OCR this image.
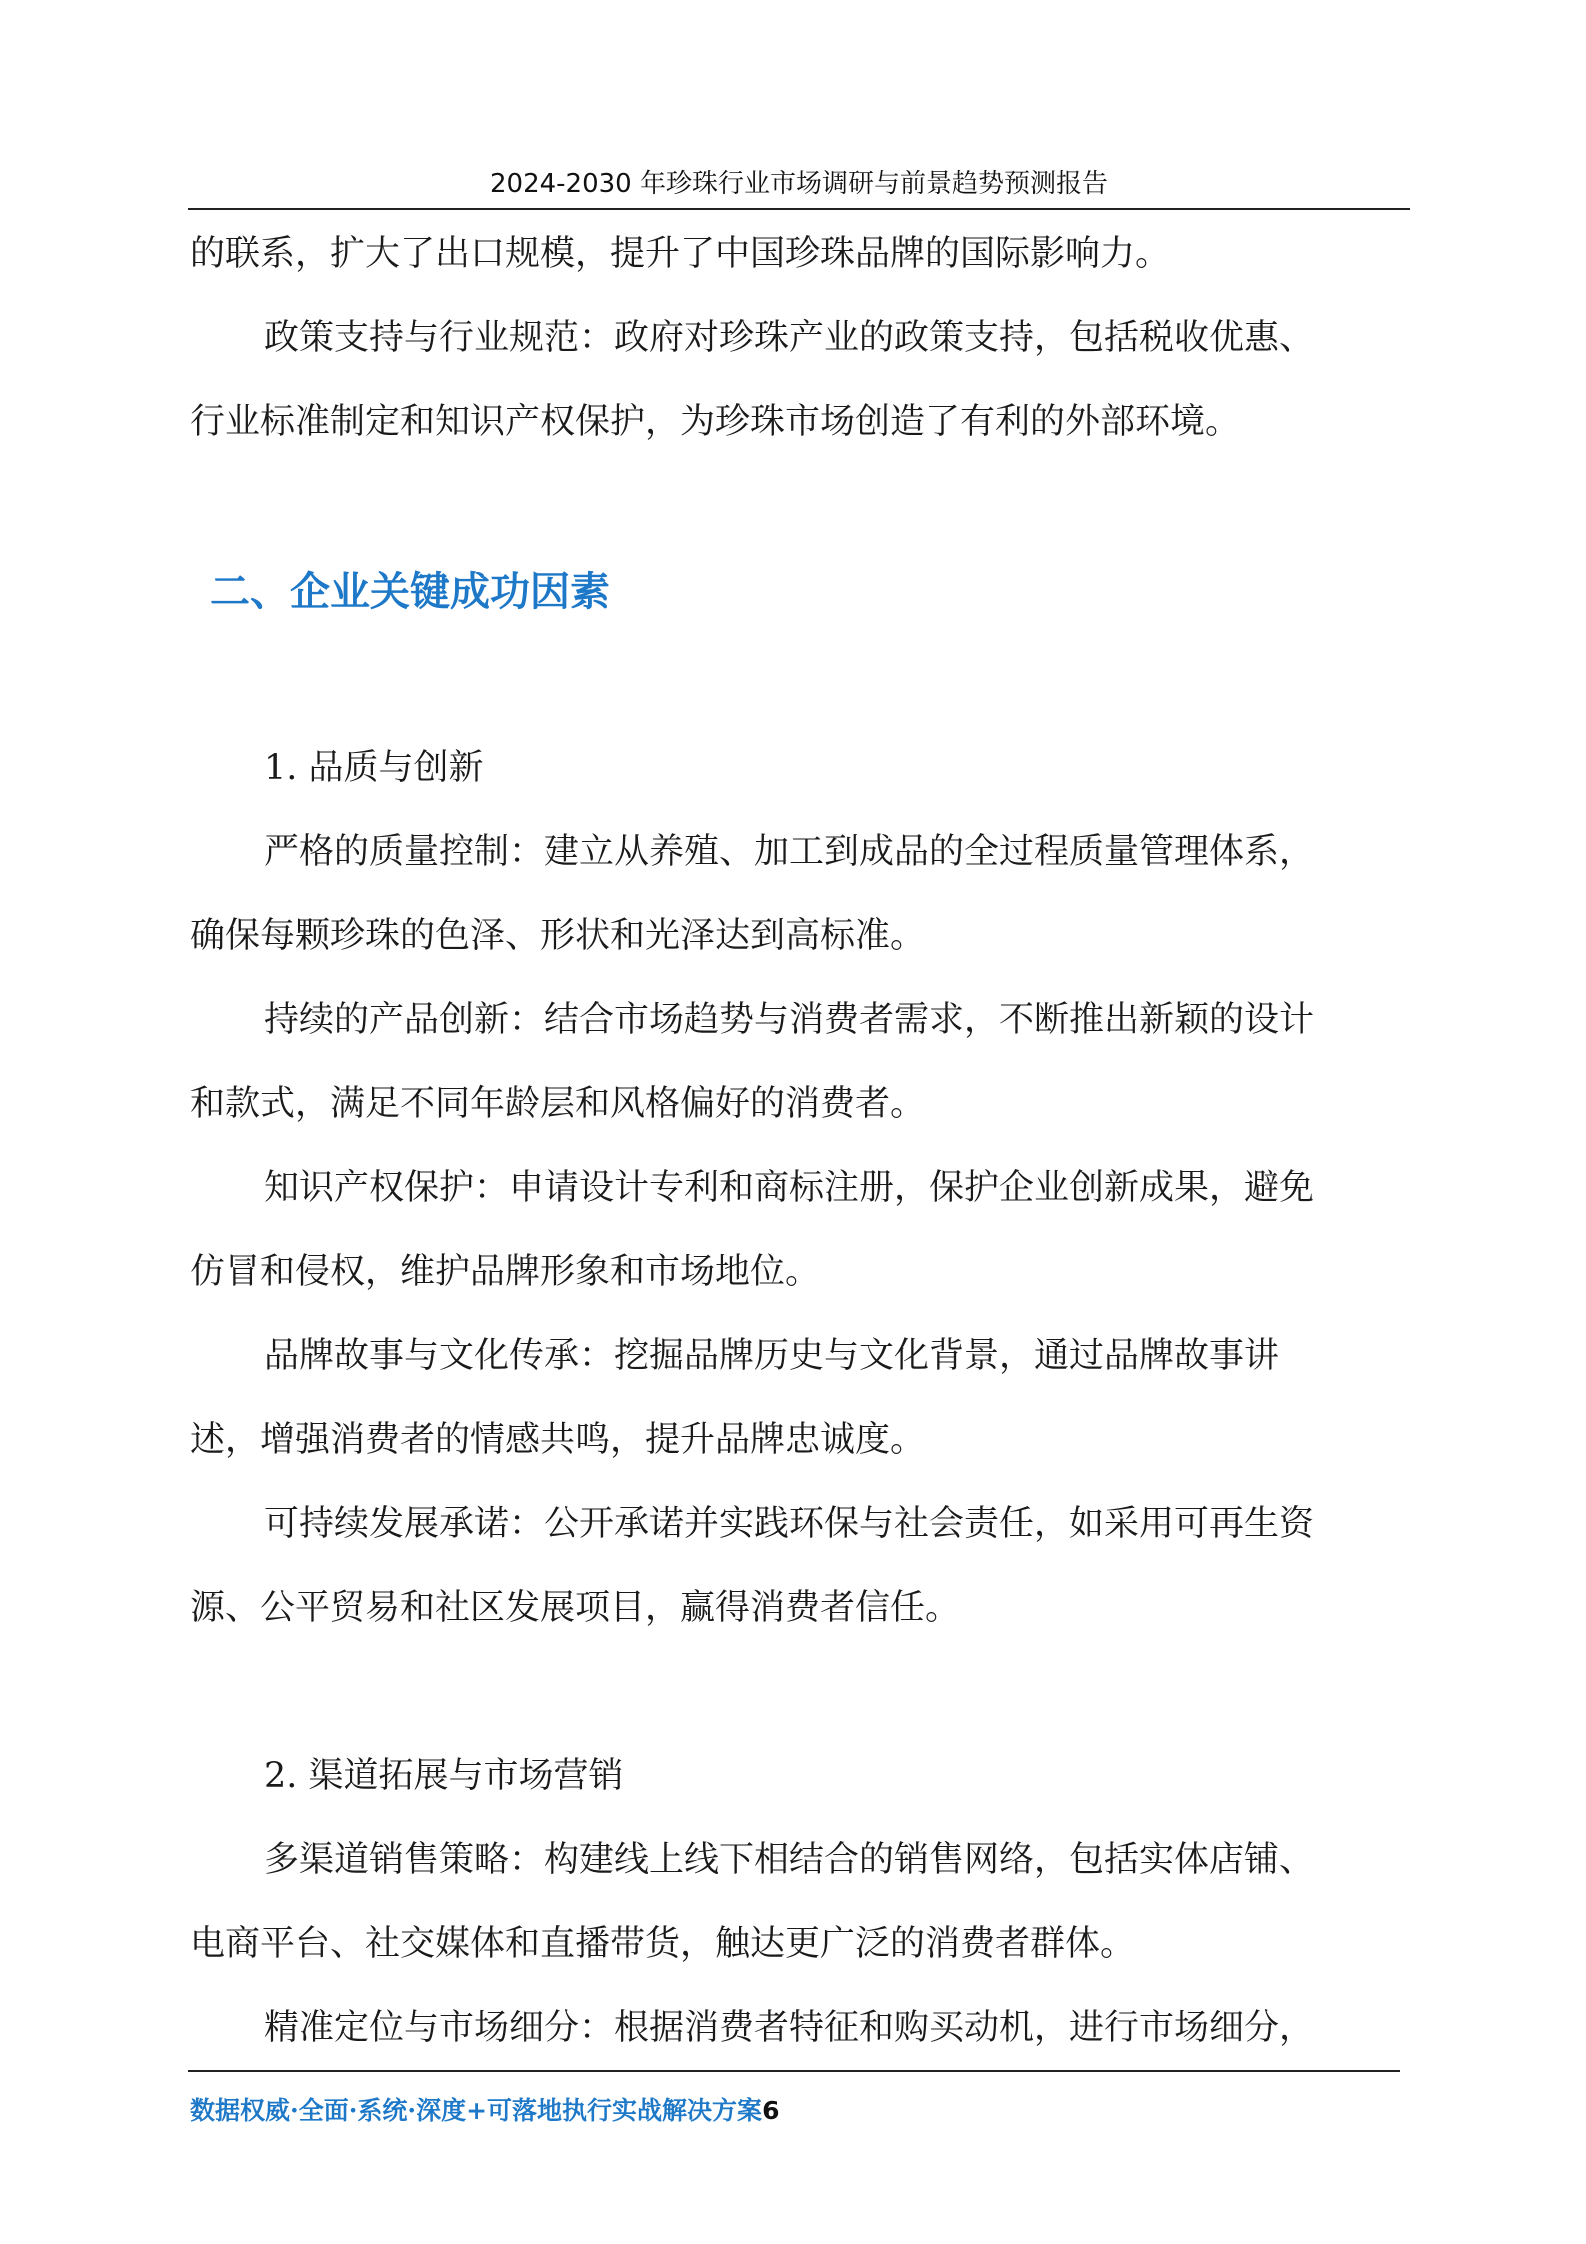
2024-2030 年珍珠行业市场调研与前景趋势预测报告
的联系，扩大了出口规模，提升了中国珍珠品牌的国际影响力。
政策支持与行业规范：政府对珍珠产业的政策支持，包括税收优惠、
行业标准制定和知识产权保护，为珍珠市场创造了有利的外部环境。
二、企业关键成功因素
1. 品质与创新
严格的质量控制：建立从养殖、加工到成品的全过程质量管理体系，
确保每颗珍珠的色泽、形状和光泽达到高标准。
持续的产品创新：结合市场趋势与消费者需求，不断推出新颖的设计
和款式，满足不同年龄层和风格偏好的消费者。
知识产权保护：申请设计专利和商标注册，保护企业创新成果，避免
仿冒和侵权，维护品牌形象和市场地位。
品牌故事与文化传承：挖掘品牌历史与文化背景，通过品牌故事讲
述，增强消费者的情感共鸣，提升品牌忠诚度。
可持续发展承诺：公开承诺并实践环保与社会责任，如采用可再生资
源、公平贸易和社区发展项目，赢得消费者信任。
2. 渠道拓展与市场营销
多渠道销售策略：构建线上线下相结合的销售网络，包括实体店铺、
电商平台、社交媒体和直播带货，触达更广泛的消费者群体。
精准定位与市场细分：根据消费者特征和购买动机，进行市场细分，
数据权威·全面·系统·深度+可落地执行实战解决方案6
